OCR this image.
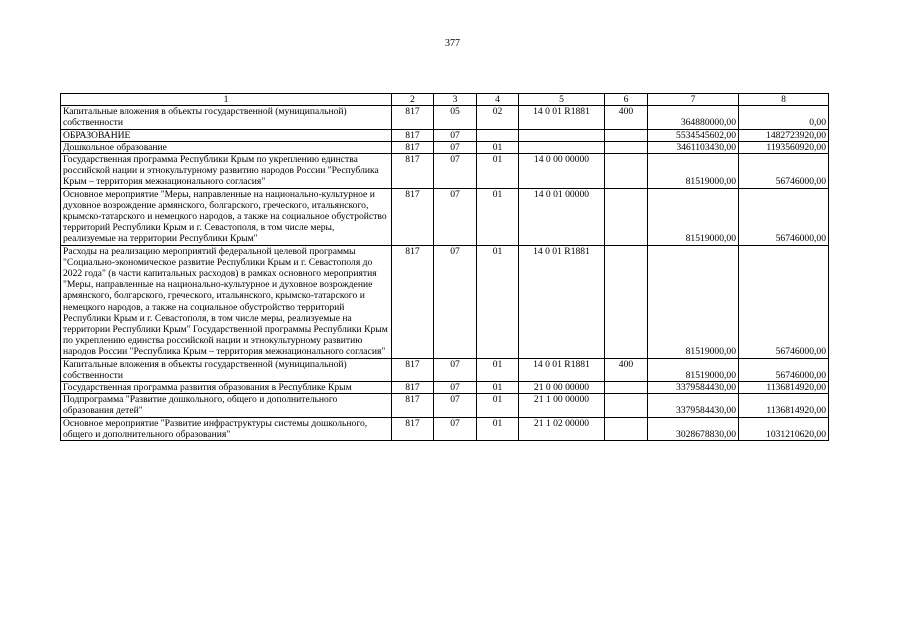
377
1	2	3	4	5	6	7	8
Капитальные вложения в объекты государственной (муниципальной) собственности	817	05	02	14 0 01 R1881	400	364880000,00	0,00
ОБРАЗОВАНИЕ	817	07				5534545602,00	1482723920,00
Дошкольное образование	817	07	01			3461103430,00	1193560920,00
Государственная программа Республики Крым по укреплению единства российской нации и этнокультурному развитию народов России "Республика Крым – территория межнационального согласия"	817	07	01	14 0 00 00000		81519000,00	56746000,00
Основное мероприятие "Меры, направленные на национально-культурное и духовное возрождение армянского, болгарского, греческого, итальянского, крымско-татарского и немецкого народов, а также на социальное обустройство территорий Республики Крым и г. Севастополя, в том числе меры, реализуемые на территории Республики Крым"	817	07	01	14 0 01 00000		81519000,00	56746000,00
Расходы на реализацию мероприятий федеральной целевой программы "Социально-экономическое развитие Республики Крым и г. Севастополя до 2022 года" (в части капитальных расходов) в рамках основного мероприятия "Меры, направленные на национально-культурное и духовное возрождение армянского, болгарского, греческого, итальянского, крымско-татарского и немецкого народов, а также на социальное обустройство территорий Республики Крым и г. Севастополя, в том числе меры, реализуемые на территории Республики Крым" Государственной программы Республики Крым по укреплению единства российской нации и этнокультурному развитию народов России "Республика Крым – территория межнационального согласия"	817	07	01	14 0 01 R1881		81519000,00	56746000,00
Капитальные вложения в объекты государственной (муниципальной) собственности	817	07	01	14 0 01 R1881	400	81519000,00	56746000,00
Государственная программа развития образования в Республике Крым	817	07	01	21 0 00 00000		3379584430,00	1136814920,00
Подпрограмма "Развитие дошкольного, общего и дополнительного образования детей"	817	07	01	21 1 00 00000		3379584430,00	1136814920,00
Основное мероприятие "Развитие инфраструктуры системы дошкольного, общего и дополнительного образования"	817	07	01	21 1 02 00000		3028678830,00	1031210620,00
